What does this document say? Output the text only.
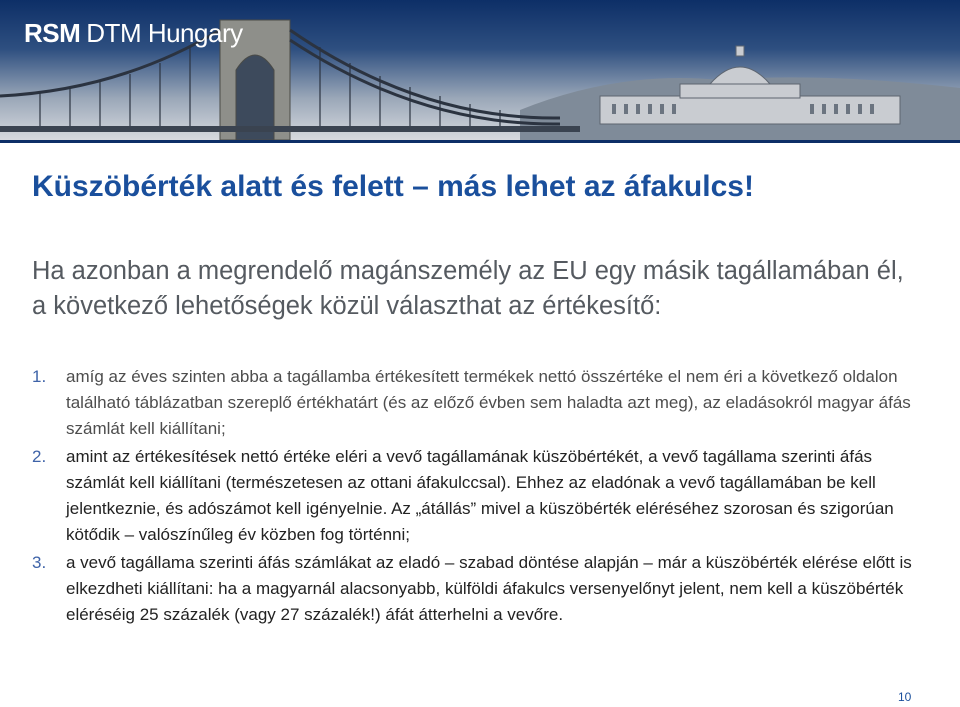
RSM DTM Hungary
Küszöbérték alatt és felett – más lehet az áfakulcs!

Ha azonban a megrendelő magánszemély az EU egy másik tagállamában él, a következő lehetőségek közül választhat az értékesítő:

1.	amíg az éves szinten abba a tagállamba értékesített termékek nettó összértéke el nem éri a következő oldalon található táblázatban szereplő értékhatárt (és az előző évben sem haladta azt meg), az eladásokról magyar áfás számlát kell kiállítani;
2.	amint az értékesítések nettó értéke eléri a vevő tagállamának küszöbértékét, a vevő tagállama szerinti áfás számlát kell kiállítani (természetesen az ottani áfakulccsal). Ehhez az eladónak a vevő tagállamában be kell jelentkeznie, és adószámot kell igényelnie. Az „átállás” mivel a küszöbérték eléréséhez szorosan és szigorúan kötődik – valószínűleg év közben fog történni;
3.	a vevő tagállama szerinti áfás számlákat az eladó – szabad döntése alapján – már a küszöbérték elérése előtt is elkezdheti kiállítani: ha a magyarnál alacsonyabb, külföldi áfakulcs versenyelőnyt jelent, nem kell a küszöbérték eléréséig 25 százalék (vagy 27 százalék!) áfát átterhelni a vevőre.
10
